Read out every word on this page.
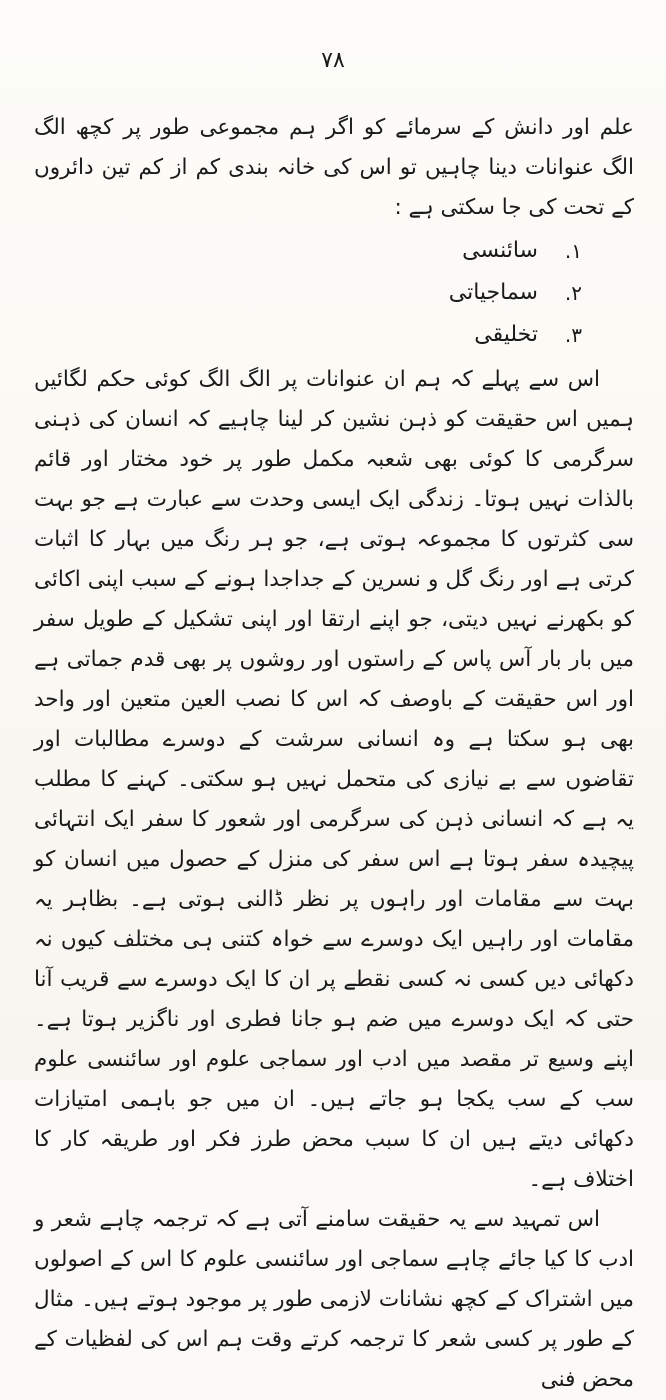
٧٨

علم اور دانش کے سرمائے کو اگر ہم مجموعی طور پر کچھ الگ الگ عنوانات دینا چاہیں تو اس کی خانہ بندی کم از کم تین دائروں کے تحت کی جا سکتی ہے :

۱.
سائنسی
۲.
سماجیاتی
۳.
تخلیقی

اس سے پہلے کہ ہم ان عنوانات پر الگ الگ کوئی حکم لگائیں ہمیں اس حقیقت کو ذہن نشین کر لینا چاہیے کہ انسان کی ذہنی سرگرمی کا کوئی بھی شعبہ مکمل طور پر خود مختار اور قائم بالذات نہیں ہوتا۔ زندگی ایک ایسی وحدت سے عبارت ہے جو بہت سی کثرتوں کا مجموعہ ہوتی ہے، جو ہر رنگ میں بہار کا اثبات کرتی ہے اور رنگ گل و نسرین کے جداجدا ہونے کے سبب اپنی اکائی کو بکھرنے نہیں دیتی، جو اپنے ارتقا اور اپنی تشکیل کے طویل سفر میں بار بار آس پاس کے راستوں اور روشوں پر بھی قدم جماتی ہے اور اس حقیقت کے باوصف کہ اس کا نصب العین متعین اور واحد بھی ہو سکتا ہے وہ انسانی سرشت کے دوسرے مطالبات اور تقاضوں سے بے نیازی کی متحمل نہیں ہو سکتی۔ کہنے کا مطلب یہ ہے کہ انسانی ذہن کی سرگرمی اور شعور کا سفر ایک انتہائی پیچیدہ سفر ہوتا ہے اس سفر کی منزل کے حصول میں انسان کو بہت سے مقامات اور راہوں پر نظر ڈالنی ہوتی ہے۔ بظاہر یہ مقامات اور راہیں ایک دوسرے سے خواہ کتنی ہی مختلف کیوں نہ دکھائی دیں کسی نہ کسی نقطے پر ان کا ایک دوسرے سے قریب آنا حتی کہ ایک دوسرے میں ضم ہو جانا فطری اور ناگزیر ہوتا ہے۔ اپنے وسیع تر مقصد میں ادب اور سماجی علوم اور سائنسی علوم سب کے سب یکجا ہو جاتے ہیں۔ ان میں جو باہمی امتیازات دکھائی دیتے ہیں ان کا سبب محض طرز فکر اور طریقہ کار کا اختلاف ہے۔

اس تمہید سے یہ حقیقت سامنے آتی ہے کہ ترجمہ چاہے شعر و ادب کا کیا جائے چاہے سماجی اور سائنسی علوم کا اس کے اصولوں میں اشتراک کے کچھ نشانات لازمی طور پر موجود ہوتے ہیں۔ مثال کے طور پر کسی شعر کا ترجمہ کرتے وقت ہم اس کی لفظیات کے محض فنی
